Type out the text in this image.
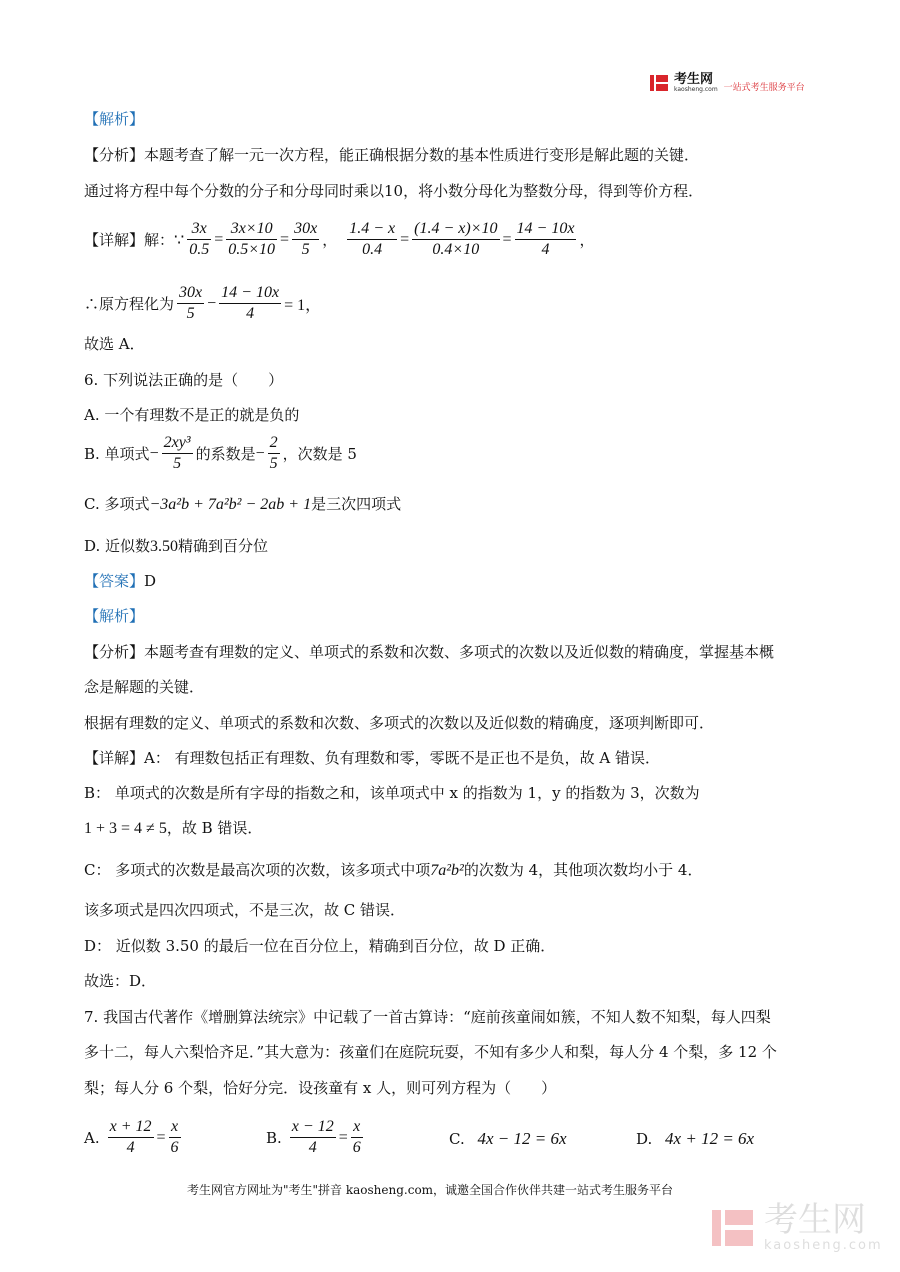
考生网
kaosheng.com 一站式考生服务平台
【解析】
【分析】本题考查了解一元一次方程，能正确根据分数的基本性质进行变形是解此题的关键．
通过将方程中每个分数的分子和分母同时乘以10，将小数分母化为整数分母，得到等价方程．
【详解】 解： ∵ $\frac{3x}{0.5} = \frac{3x\times 10}{0.5\times 10} = \frac{30x}{5}$ ， $\frac{1.4 - x}{0.4} = \frac{(1.4 - x)\times 10}{0.4\times 10} = \frac{14 - 10x}{4}$ ，
∴原方程化为 $\frac{30x}{5} - \frac{14 - 10x}{4} = 1$，
故选 A．
6. 下列说法正确的是（　　）
A. 一个有理数不是正的就是负的
B. 单项式 − $\frac{\text{2xy³}}{5}$ 的系数是 − $\frac{2}{5}$ ，次数是 5
C. 多项式−3a²b + 7a²b² − 2ab + 1是三次四项式
D. 近似数3.50精确到百分位
【答案】D
【解析】
【分析】本题考查有理数的定义、单项式的系数和次数、多项式的次数以及近似数的精确度，掌握基本概
念是解题的关键．
根据有理数的定义、单项式的系数和次数、多项式的次数以及近似数的精确度，逐项判断即可．
【详解】A： 有理数包括正有理数、负有理数和零，零既不是正也不是负，故 A 错误．
B： 单项式的次数是所有字母的指数之和，该单项式中 x 的指数为 1，y 的指数为 3，次数为
1 + 3 = 4 ≠ 5，故 B 错误．
C： 多项式的次数是最高次项的次数，该多项式中项7a²b²的次数为 4，其他项次数均小于 4．
该多项式是四次四项式，不是三次，故 C 错误．
D： 近似数 3.50 的最后一位在百分位上，精确到百分位，故 D 正确．
故选：D．
7. 我国古代著作《增删算法统宗》中记载了一首古算诗：“庭前孩童闹如簇，不知人数不知梨，每人四梨
多十二，每人六梨恰齐足．”其大意为：孩童们在庭院玩耍，不知有多少人和梨，每人分 4 个梨，多 12 个
梨；每人分 6 个梨，恰好分完．设孩童有 x 人，则可列方程为（　　）
A. $\frac{x + 12}{4} = \frac{x}{6}$	B. $\frac{x - 12}{4} = \frac{x}{6}$	C. 4x − 12 = 6x	D. 4x + 12 = 6x
考生网官方网址为"考生"拼音 kaosheng.com，诚邀全国合作伙伴共建一站式考生服务平台
考生网
kaosheng.com
